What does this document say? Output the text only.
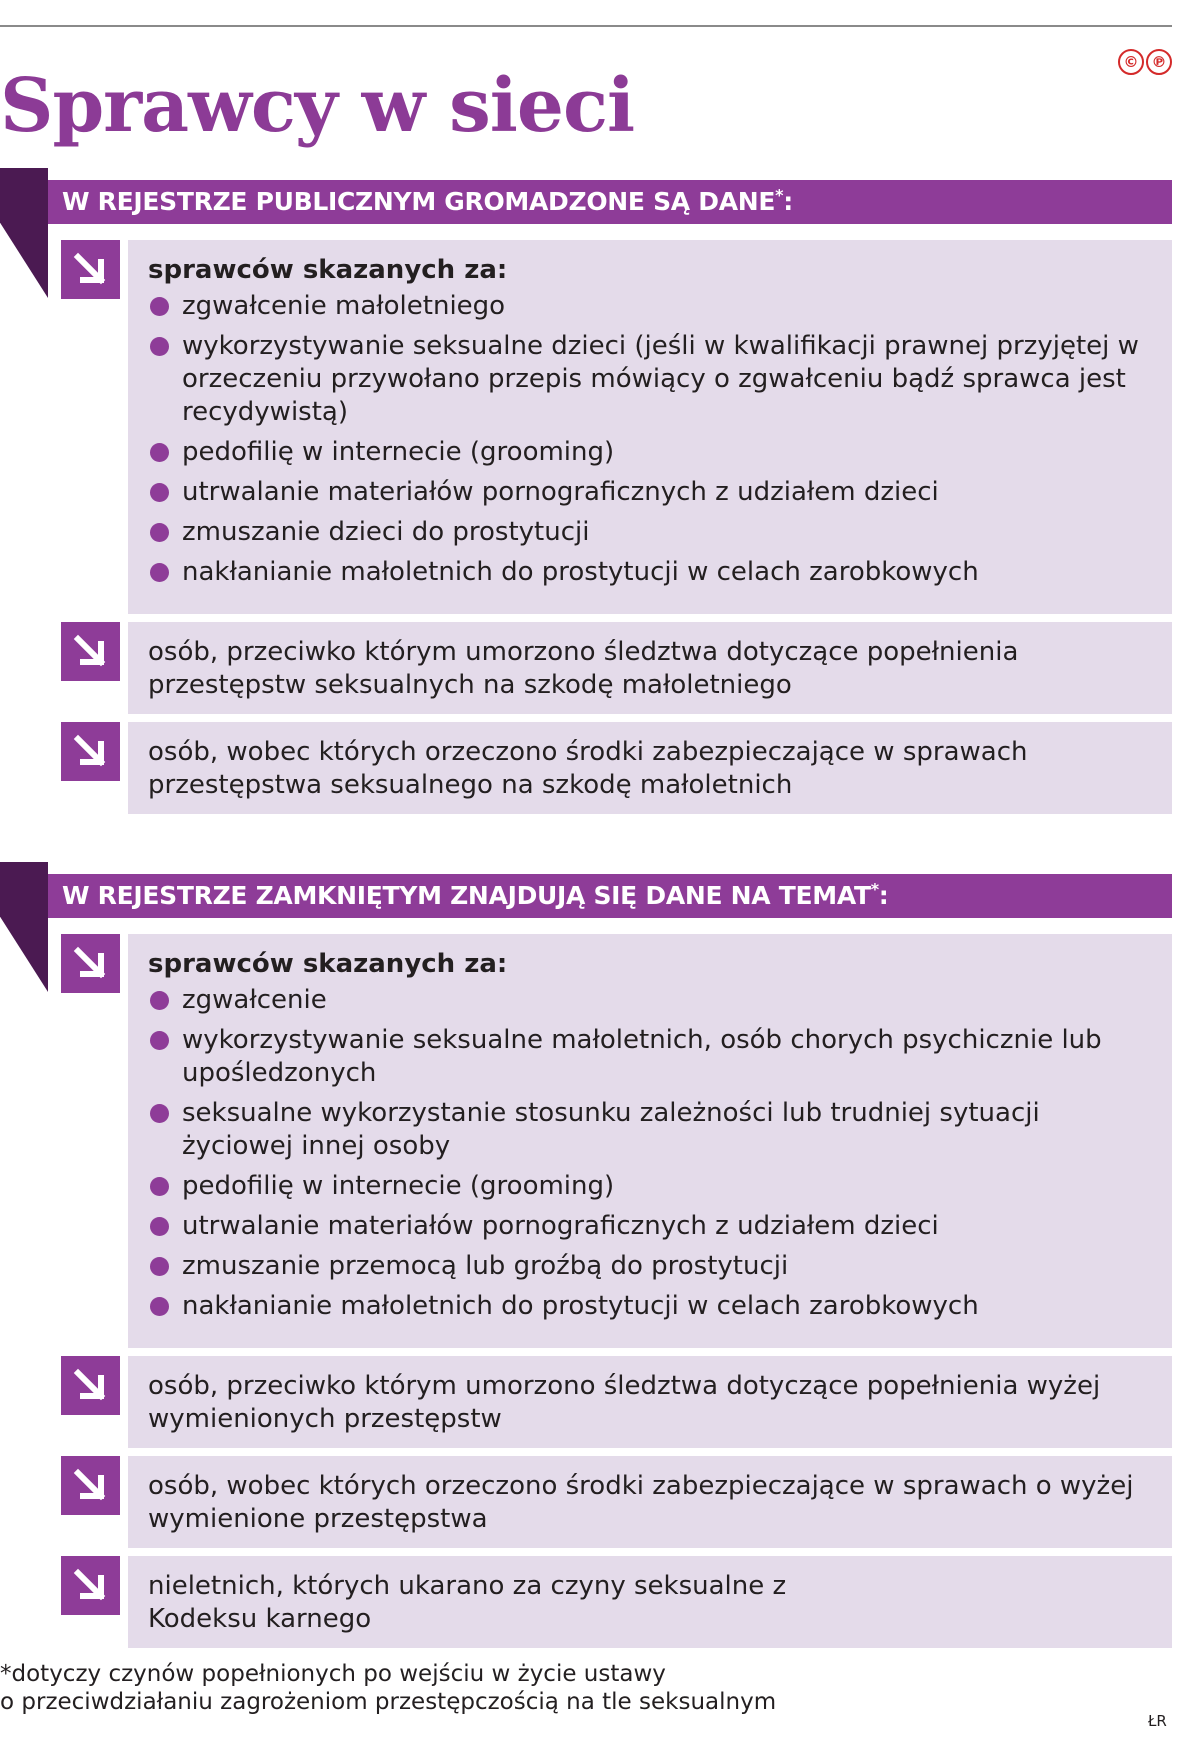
© ℗
Sprawcy w sieci
W REJESTRZE PUBLICZNYM GROMADZONE SĄ DANE*:
sprawców skazanych za:
zgwałcenie małoletniego
wykorzystywanie seksualne dzieci (jeśli w kwalifikacji prawnej przyjętej w orzeczeniu przywołano przepis mówiący o zgwałceniu bądź sprawca jest recydywistą)
pedofilię w internecie (grooming)
utrwalanie materiałów pornograficznych z udziałem dzieci
zmuszanie dzieci do prostytucji
nakłanianie małoletnich do prostytucji w celach zarobkowych
osób, przeciwko którym umorzono śledztwa dotyczące popełnienia przestępstw seksualnych na szkodę małoletniego
osób, wobec których orzeczono środki zabezpieczające w sprawach przestępstwa seksualnego na szkodę małoletnich
W REJESTRZE ZAMKNIĘTYM ZNAJDUJĄ SIĘ DANE NA TEMAT*:
sprawców skazanych za:
zgwałcenie
wykorzystywanie seksualne małoletnich, osób chorych psychicznie lub upośledzonych
seksualne wykorzystanie stosunku zależności lub trudniej sytuacji życiowej innej osoby
pedofilię w internecie (grooming)
utrwalanie materiałów pornograficznych z udziałem dzieci
zmuszanie przemocą lub groźbą do prostytucji
nakłanianie małoletnich do prostytucji w celach zarobkowych
osób, przeciwko którym umorzono śledztwa dotyczące popełnienia wyżej wymienionych przestępstw
osób, wobec których orzeczono środki zabezpieczające w sprawach o wyżej wymienione przestępstwa
nieletnich, których ukarano za czyny seksualne z Kodeksu karnego

*dotyczy czynów popełnionych po wejściu w życie ustawy
o przeciwdziałaniu zagrożeniom przestępczością na tle seksualnym

ŁR
